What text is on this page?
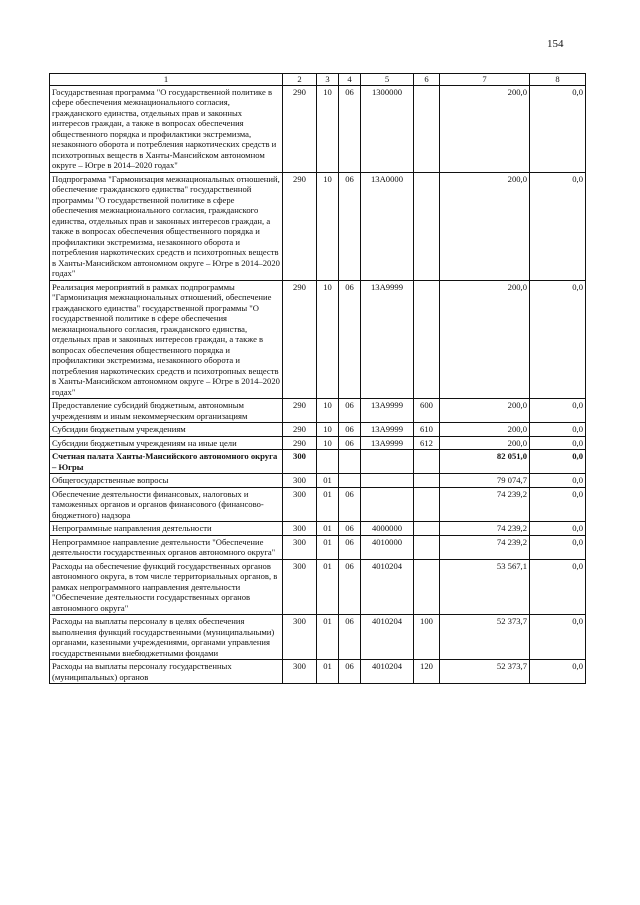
154
1	2	3	4	5	6	7	8
Государственная программа "О государственной политике в сфере обеспечения межнационального согласия, гражданского единства, отдельных прав и законных интересов граждан, а также в вопросах обеспечения общественного порядка и профилактики экстремизма, незаконного оборота и потребления наркотических средств и психотропных веществ в Ханты-Мансийском автономном округе – Югре в 2014–2020 годах"	290	10	06	1300000		200,0	0,0
Подпрограмма "Гармонизация межнациональных отношений, обеспечение гражданского единства" государственной программы "О государственной политике в сфере обеспечения межнационального согласия, гражданского единства, отдельных прав и законных интересов граждан, а также в вопросах обеспечения общественного порядка и профилактики экстремизма, незаконного оборота и потребления наркотических средств и психотропных веществ в Ханты-Мансийском автономном округе – Югре в 2014–2020 годах"	290	10	06	13А0000		200,0	0,0
Реализация мероприятий в рамках подпрограммы "Гармонизация межнациональных отношений, обеспечение гражданского единства" государственной программы "О государственной политике в сфере обеспечения межнационального согласия, гражданского единства, отдельных прав и законных интересов граждан, а также в вопросах обеспечения общественного порядка и профилактики экстремизма, незаконного оборота и потребления наркотических средств и психотропных веществ в Ханты-Мансийском автономном округе – Югре в 2014–2020 годах"	290	10	06	13А9999		200,0	0,0
Предоставление субсидий бюджетным, автономным учреждениям и иным некоммерческим организациям	290	10	06	13А9999	600	200,0	0,0
Субсидии бюджетным учреждениям	290	10	06	13А9999	610	200,0	0,0
Субсидии бюджетным учреждениям на иные цели	290	10	06	13А9999	612	200,0	0,0
Счетная палата Ханты-Мансийского автономного округа – Югры	300					82 051,0	0,0
Общегосударственные вопросы	300	01				79 074,7	0,0
Обеспечение деятельности финансовых, налоговых и таможенных органов и органов финансового (финансово-бюджетного) надзора	300	01	06			74 239,2	0,0
Непрограммные направления деятельности	300	01	06	4000000		74 239,2	0,0
Непрограммное направление деятельности "Обеспечение деятельности государственных органов автономного округа"	300	01	06	4010000		74 239,2	0,0
Расходы на обеспечение функций государственных органов автономного округа, в том числе территориальных органов, в рамках непрограммного направления деятельности "Обеспечение деятельности государственных органов автономного округа"	300	01	06	4010204		53 567,1	0,0
Расходы на выплаты персоналу в целях обеспечения выполнения функций государственными (муниципальными) органами, казенными учреждениями, органами управления государственными внебюджетными фондами	300	01	06	4010204	100	52 373,7	0,0
Расходы на выплаты персоналу государственных (муниципальных) органов	300	01	06	4010204	120	52 373,7	0,0
